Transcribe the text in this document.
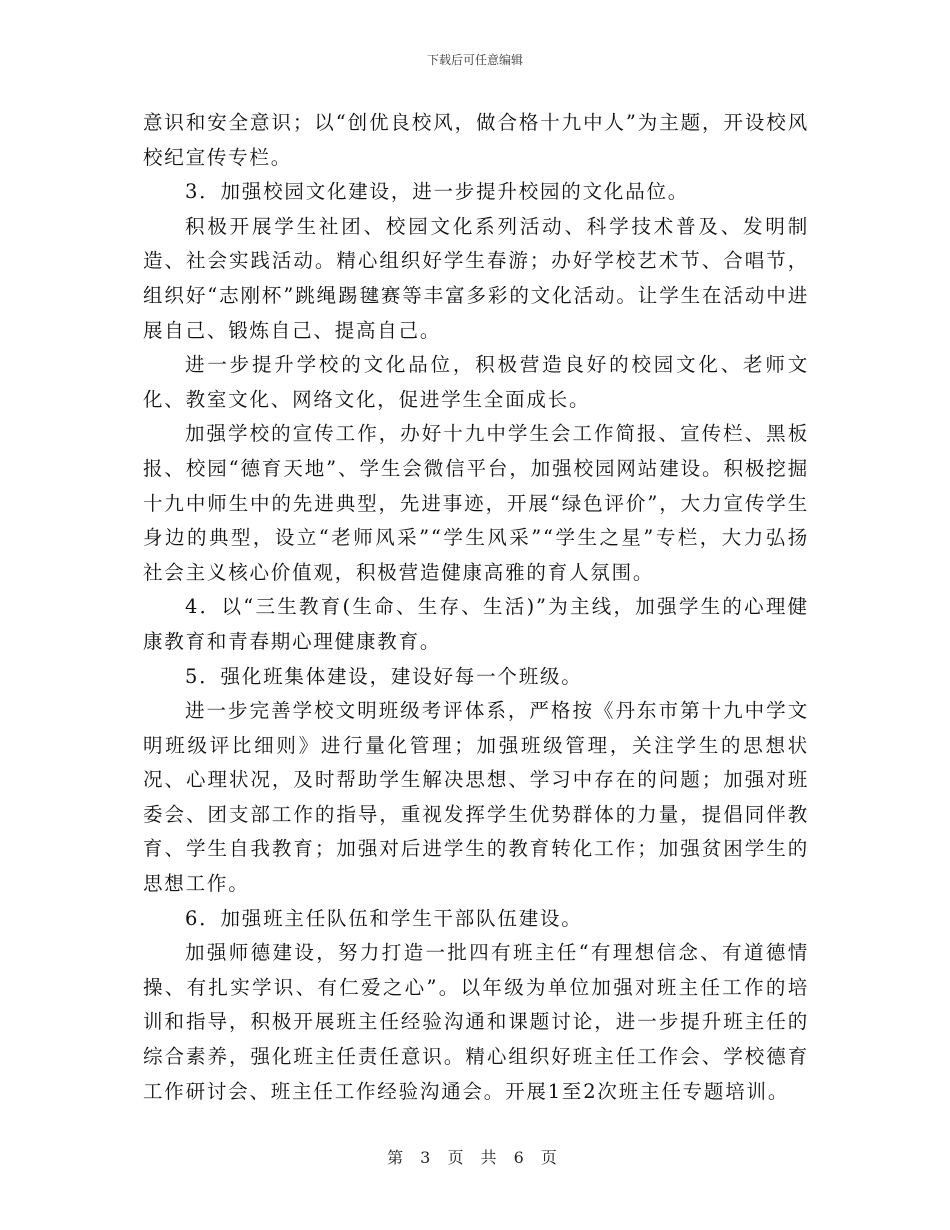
下载后可任意编辑

意识和安全意识；以“创优良校风，做合格十九中人”为主题，开设校风校纪宣传专栏。

3．加强校园文化建设，进一步提升校园的文化品位。

积极开展学生社团、校园文化系列活动、科学技术普及、发明制造、社会实践活动。精心组织好学生春游；办好学校艺术节、合唱节，组织好“志刚杯”跳绳踢毽赛等丰富多彩的文化活动。让学生在活动中进展自己、锻炼自己、提高自己。

进一步提升学校的文化品位，积极营造良好的校园文化、老师文化、教室文化、网络文化，促进学生全面成长。

加强学校的宣传工作，办好十九中学生会工作简报、宣传栏、黑板报、校园“德育天地”、学生会微信平台，加强校园网站建设。积极挖掘十九中师生中的先进典型，先进事迹，开展“绿色评价”，大力宣传学生身边的典型，设立“老师风采”“学生风采”“学生之星”专栏，大力弘扬社会主义核心价值观，积极营造健康高雅的育人氛围。

4．以“三生教育(生命、生存、生活)”为主线，加强学生的心理健康教育和青春期心理健康教育。

5．强化班集体建设，建设好每一个班级。

进一步完善学校文明班级考评体系，严格按《丹东市第十九中学文明班级评比细则》进行量化管理；加强班级管理，关注学生的思想状况、心理状况，及时帮助学生解决思想、学习中存在的问题；加强对班委会、团支部工作的指导，重视发挥学生优势群体的力量，提倡同伴教育、学生自我教育；加强对后进学生的教育转化工作；加强贫困学生的思想工作。

6．加强班主任队伍和学生干部队伍建设。

加强师德建设，努力打造一批四有班主任“有理想信念、有道德情操、有扎实学识、有仁爱之心”。以年级为单位加强对班主任工作的培训和指导，积极开展班主任经验沟通和课题讨论，进一步提升班主任的综合素养，强化班主任责任意识。精心组织好班主任工作会、学校德育工作研讨会、班主任工作经验沟通会。开展1至2次班主任专题培训。

第 3 页 共 6 页
